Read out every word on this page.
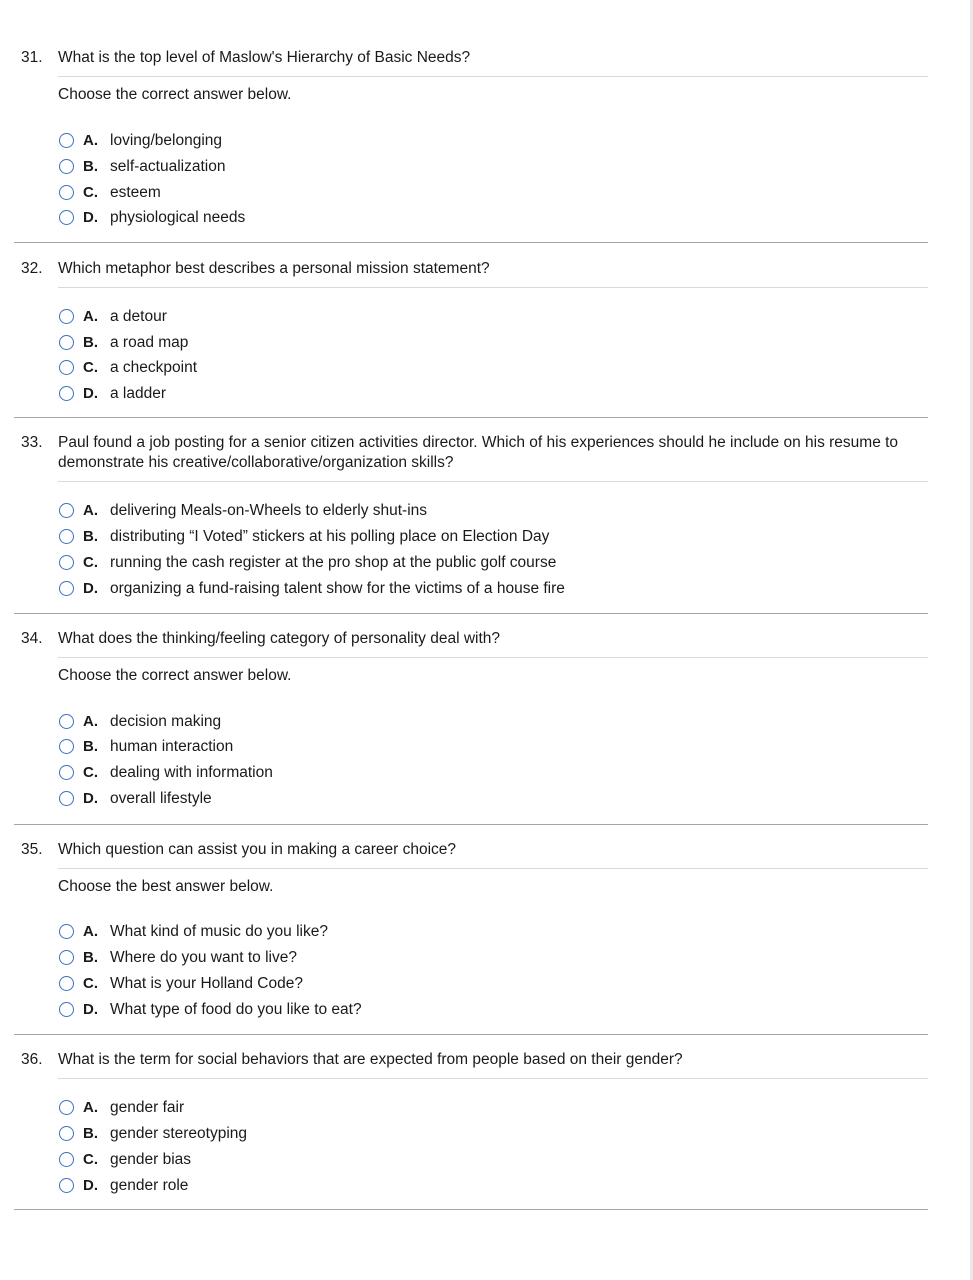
31. What is the top level of Maslow's Hierarchy of Basic Needs?
Choose the correct answer below.
A. loving/belonging
B. self-actualization
C. esteem
D. physiological needs
32. Which metaphor best describes a personal mission statement?
A. a detour
B. a road map
C. a checkpoint
D. a ladder
33. Paul found a job posting for a senior citizen activities director. Which of his experiences should he include on his resume to demonstrate his creative/collaborative/organization skills?
A. delivering Meals-on-Wheels to elderly shut-ins
B. distributing “I Voted” stickers at his polling place on Election Day
C. running the cash register at the pro shop at the public golf course
D. organizing a fund-raising talent show for the victims of a house fire
34. What does the thinking/feeling category of personality deal with?
Choose the correct answer below.
A. decision making
B. human interaction
C. dealing with information
D. overall lifestyle
35. Which question can assist you in making a career choice?
Choose the best answer below.
A. What kind of music do you like?
B. Where do you want to live?
C. What is your Holland Code?
D. What type of food do you like to eat?
36. What is the term for social behaviors that are expected from people based on their gender?
A. gender fair
B. gender stereotyping
C. gender bias
D. gender role
